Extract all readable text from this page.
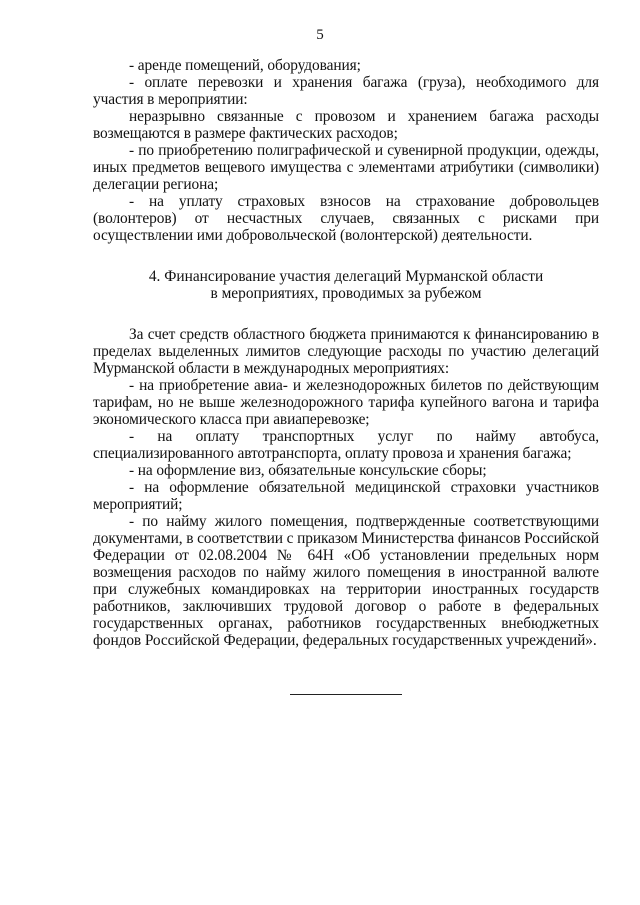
5

- аренде помещений, оборудования;

- оплате перевозки и хранения багажа (груза), необходимого для участия в мероприятии:

неразрывно связанные с провозом и хранением багажа расходы возмещаются в размере фактических расходов;

- по приобретению полиграфической и сувенирной продукции, одежды, иных предметов вещевого имущества с элементами атрибутики (символики) делегации региона;

- на уплату страховых взносов на страхование добровольцев (волонтеров) от несчастных случаев, связанных с рисками при осуществлении ими добровольческой (волонтерской) деятельности.

4. Финансирование участия делегаций Мурманской области
в мероприятиях, проводимых за рубежом

За счет средств областного бюджета принимаются к финансированию в пределах выделенных лимитов следующие расходы по участию делегаций Мурманской области в международных мероприятиях:

- на приобретение авиа- и железнодорожных билетов по действующим тарифам, но не выше железнодорожного тарифа купейного вагона и тарифа экономического класса при авиаперевозке;

- на оплату транспортных услуг по найму автобуса, специализированного автотранспорта, оплату провоза и хранения багажа;

- на оформление виз, обязательные консульские сборы;

- на оформление обязательной медицинской страховки участников мероприятий;

- по найму жилого помещения, подтвержденные соответствующими документами, в соответствии с приказом Министерства финансов Российской Федерации от 02.08.2004 № 64Н «Об установлении предельных норм возмещения расходов по найму жилого помещения в иностранной валюте при служебных командировках на территории иностранных государств работников, заключивших трудовой договор о работе в федеральных государственных органах, работников государственных внебюджетных фондов Российской Федерации, федеральных государственных учреждений».
